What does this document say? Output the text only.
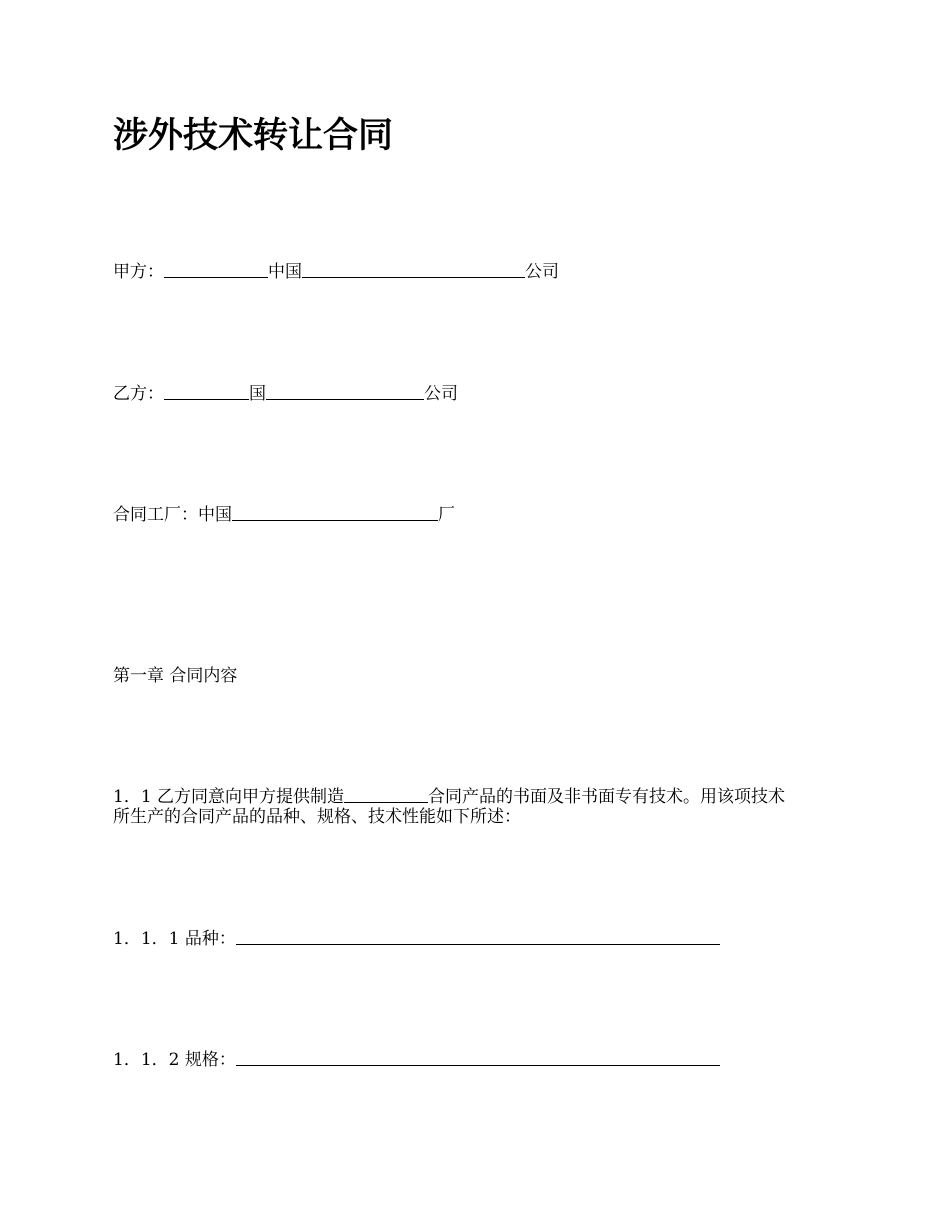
涉外技术转让合同

甲方：	中国	公司

乙方：	国	公司

合同工厂：中国	厂

第一章 合同内容

1．1 乙方同意向甲方提供制造	合同产品的书面及非书面专有技术。用该项技术
所生产的合同产品的品种、规格、技术性能如下所述：

1．1．1 品种：

1．1．2 规格：
